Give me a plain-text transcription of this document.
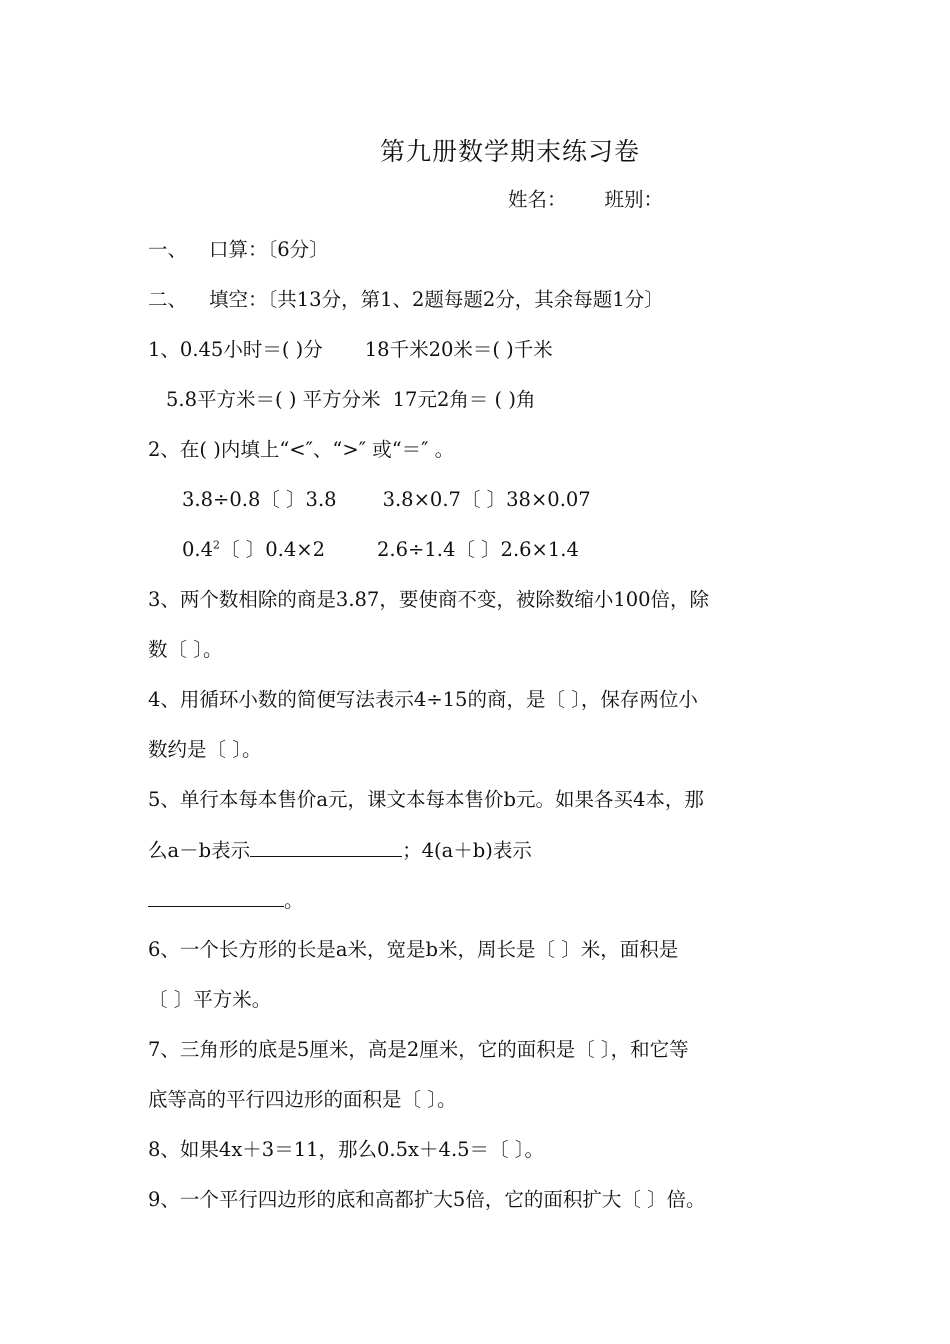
第九册数学期末练习卷
姓名： 班别：
一、 口算：〔6分〕
二、 填空：〔共13分，第1、2题每题2分，其余每题1分〕
1、0.45小时＝( )分 18千米20米＝( )千米
5.8平方米＝( ) 平方分米 17元2角＝ ( )角
2、在( )内填上“<″、“>″ 或“＝″ 。
3.8÷0.8〔 〕3.8 3.8×0.7〔 〕38×0.07
$0.4^2$〔 〕0.4×2	2.6÷1.4〔 〕2.6×1.4
3、两个数相除的商是3.87，要使商不变，被除数缩小100倍，除
数〔 〕。
4、用循环小数的简便写法表示4÷15的商，是〔 〕，保存两位小
数约是〔 〕。
5、单行本每本售价a元，课文本每本售价b元。如果各买4本，那
么a－b表示	；4(a＋b)表示
。
6、一个长方形的长是a米，宽是b米，周长是〔 〕米，面积是
〔 〕平方米。
7、三角形的底是5厘米，高是2厘米，它的面积是〔 〕，和它等
底等高的平行四边形的面积是〔 〕。
8、如果4x＋3＝11，那么0.5x＋4.5＝〔 〕。
9、一个平行四边形的底和高都扩大5倍，它的面积扩大〔 〕倍。
